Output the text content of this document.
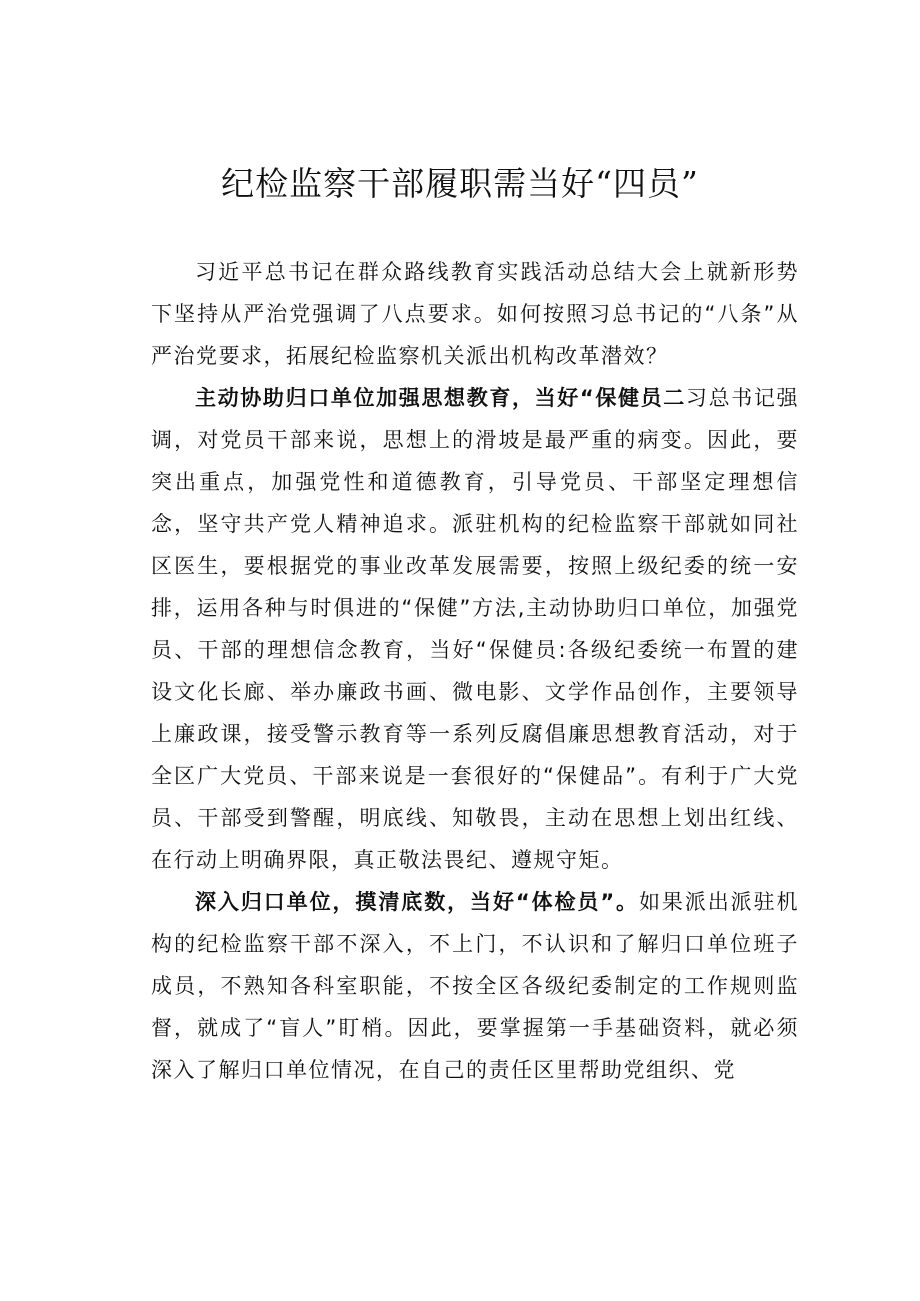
纪检监察干部履职需当好“四员”

习近平总书记在群众路线教育实践活动总结大会上就新形势下坚持从严治党强调了八点要求。如何按照习总书记的“八条”从严治党要求，拓展纪检监察机关派出机构改革潜效？

主动协助归口单位加强思想教育，当好“保健员二习总书记强调，对党员干部来说，思想上的滑坡是最严重的病变。因此，要突出重点，加强党性和道德教育，引导党员、干部坚定理想信念，坚守共产党人精神追求。派驻机构的纪检监察干部就如同社区医生，要根据党的事业改革发展需要，按照上级纪委的统一安排，运用各种与时俱进的“保健”方法,主动协助归口单位，加强党员、干部的理想信念教育，当好“保健员:各级纪委统一布置的建设文化长廊、举办廉政书画、微电影、文学作品创作，主要领导上廉政课，接受警示教育等一系列反腐倡廉思想教育活动，对于全区广大党员、干部来说是一套很好的“保健品”。有利于广大党员、干部受到警醒，明底线、知敬畏，主动在思想上划出红线、在行动上明确界限，真正敬法畏纪、遵规守矩。

深入归口单位，摸清底数，当好“体检员”。如果派出派驻机构的纪检监察干部不深入，不上门，不认识和了解归口单位班子成员，不熟知各科室职能，不按全区各级纪委制定的工作规则监督，就成了“盲人”盯梢。因此，要掌握第一手基础资料，就必须深入了解归口单位情况，在自己的责任区里帮助党组织、党
